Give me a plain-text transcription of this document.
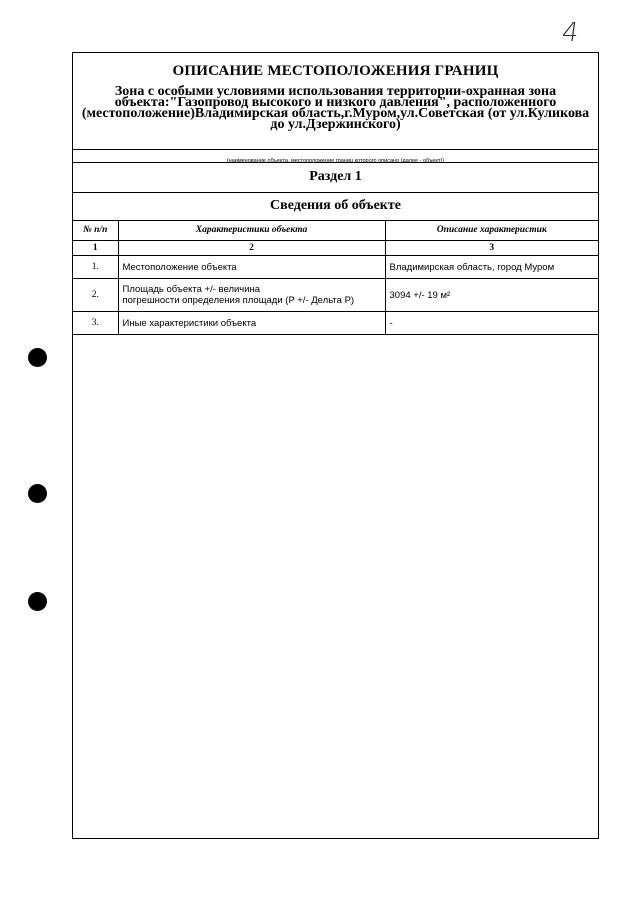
4
ОПИСАНИЕ МЕСТОПОЛОЖЕНИЯ ГРАНИЦ
Зона с особыми условиями использования территории-охранная зона
объекта:"Газопровод высокого и низкого давления", расположенного
(местоположение)Владимирская область,г.Муром,ул.Советская (от ул.Куликова
до ул.Дзержинского)
(наименование объекта, местоположение границ которого описано (далее - объект))
Раздел 1
Сведения об объекте
№ п/п	Характеристики объекта	Описание характеристик
1	2	3
1.	Местоположение объекта	Владимирская область, город Муром
2.	Площадь объекта +/- величина
погрешности определения площади (P +/- Дельта P)	3094 +/- 19 м²
3.	Иные характеристики объекта	-
